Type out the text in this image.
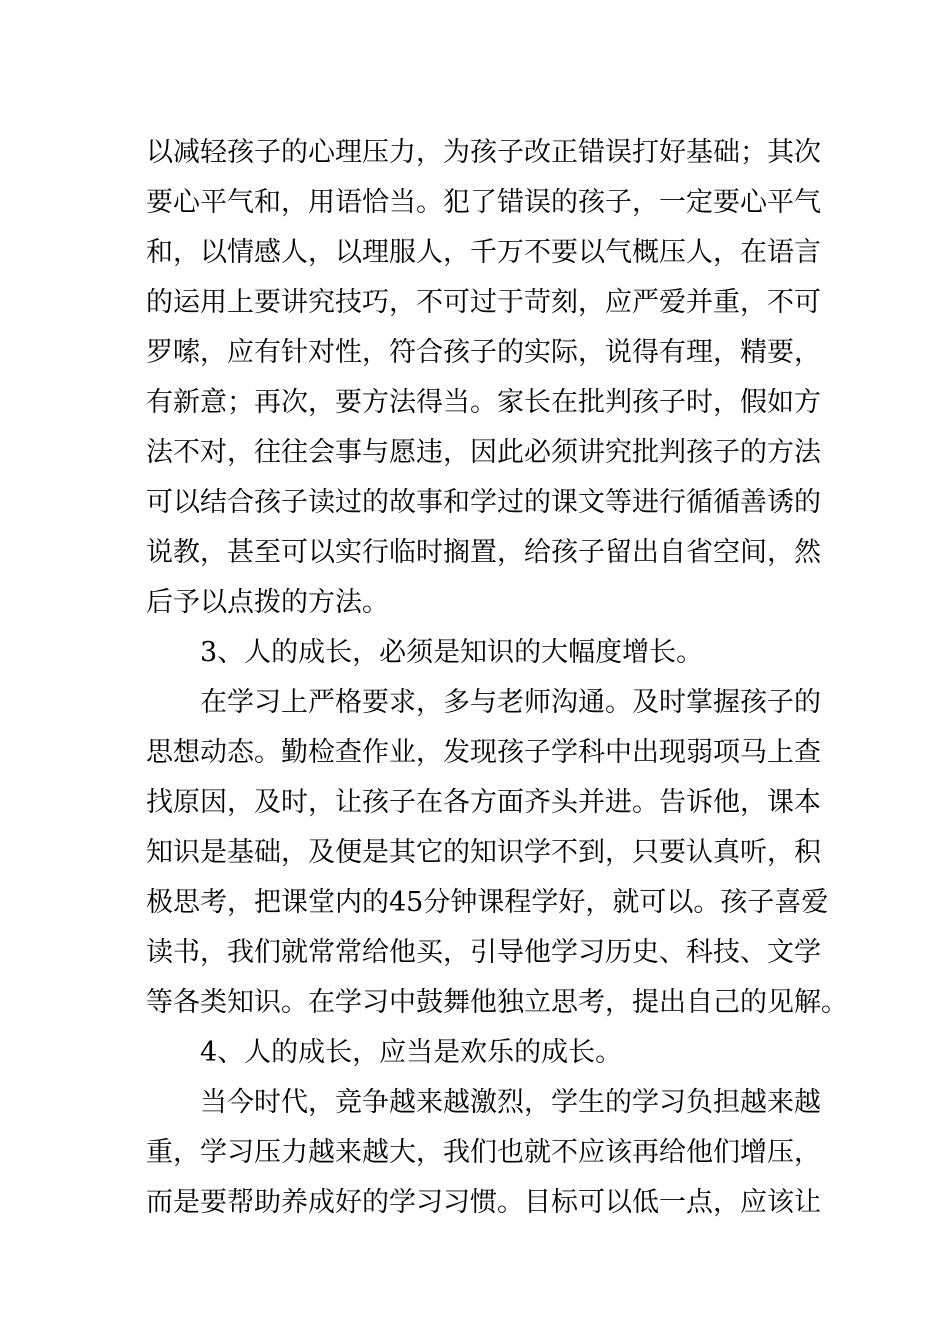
以减轻孩子的心理压力，为孩子改正错误打好基础；其次
要心平气和，用语恰当。犯了错误的孩子，一定要心平气
和，以情感人，以理服人，千万不要以气概压人，在语言
的运用上要讲究技巧，不可过于苛刻，应严爱并重，不可
罗嗦，应有针对性，符合孩子的实际，说得有理，精要，
有新意；再次，要方法得当。家长在批判孩子时，假如方
法不对，往往会事与愿违，因此必须讲究批判孩子的方法
可以结合孩子读过的故事和学过的课文等进行循循善诱的
说教，甚至可以实行临时搁置，给孩子留出自省空间，然
后予以点拨的方法。
3、人的成长，必须是知识的大幅度增长。
在学习上严格要求，多与老师沟通。及时掌握孩子的
思想动态。勤检查作业，发现孩子学科中出现弱项马上查
找原因，及时，让孩子在各方面齐头并进。告诉他，课本
知识是基础，及便是其它的知识学不到，只要认真听，积
极思考，把课堂内的45分钟课程学好，就可以。孩子喜爱
读书，我们就常常给他买，引导他学习历史、科技、文学
等各类知识。在学习中鼓舞他独立思考，提出自己的见解。
4、人的成长，应当是欢乐的成长。
当今时代，竞争越来越激烈，学生的学习负担越来越
重，学习压力越来越大，我们也就不应该再给他们增压，
而是要帮助养成好的学习习惯。目标可以低一点，应该让
